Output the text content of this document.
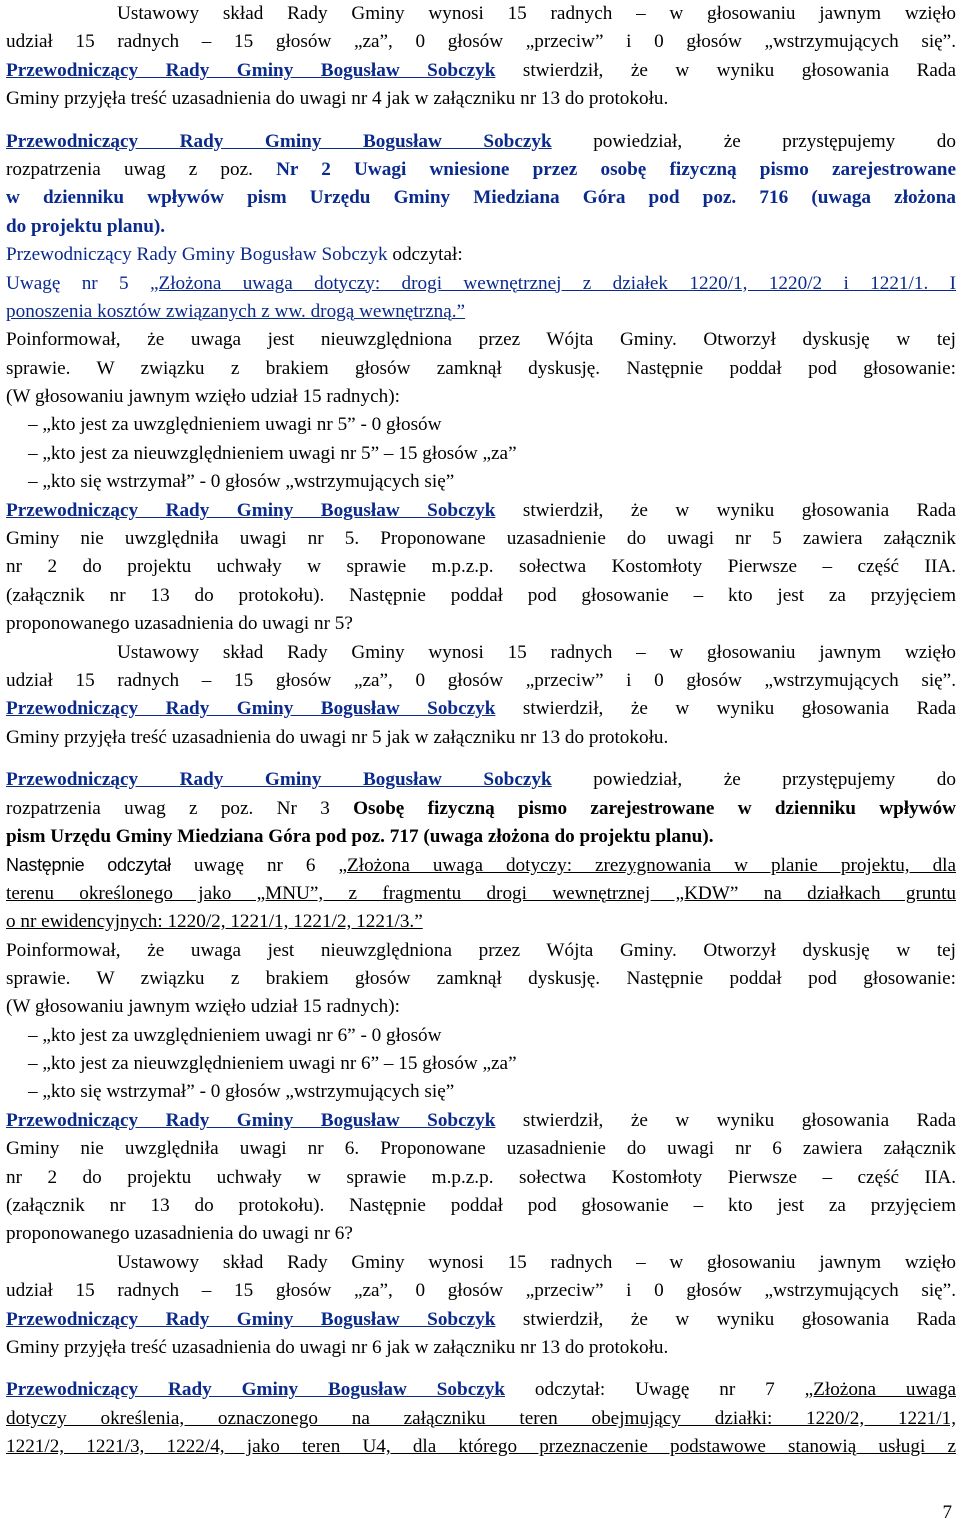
Ustawowy skład Rady Gminy wynosi 15 radnych – w głosowaniu jawnym wzięło
udział 15 radnych – 15 głosów „za”, 0 głosów „przeciw” i 0 głosów „wstrzymujących się”.
Przewodniczący Rady Gminy Bogusław Sobczyk stwierdził, że w wyniku głosowania Rada
Gminy przyjęła treść uzasadnienia do uwagi nr 4 jak w załączniku nr 13 do protokołu.
Przewodniczący Rady Gminy Bogusław Sobczyk powiedział, że przystępujemy do
rozpatrzenia uwag z poz. Nr 2 Uwagi wniesione przez osobę fizyczną pismo zarejestrowane
w dzienniku wpływów pism Urzędu Gminy Miedziana Góra pod poz. 716 (uwaga złożona
do projektu planu).
Przewodniczący Rady Gminy Bogusław Sobczyk odczytał:
Uwagę nr 5 „Złożona uwaga dotyczy: drogi wewnętrznej z działek 1220/1, 1220/2 i 1221/1. I
ponoszenia kosztów związanych z ww. drogą wewnętrzną.”
Poinformował, że uwaga jest nieuwzględniona przez Wójta Gminy. Otworzył dyskusję w tej
sprawie. W związku z brakiem głosów zamknął dyskusję. Następnie poddał pod głosowanie:
(W głosowaniu jawnym wzięło udział 15 radnych):
– „kto jest za uwzględnieniem uwagi nr 5” - 0 głosów
– „kto jest za nieuwzględnieniem uwagi nr 5” – 15 głosów „za”
– „kto się wstrzymał” - 0 głosów „wstrzymujących się”
Przewodniczący Rady Gminy Bogusław Sobczyk stwierdził, że w wyniku głosowania Rada
Gminy nie uwzględniła uwagi nr 5. Proponowane uzasadnienie do uwagi nr 5 zawiera załącznik
nr 2 do projektu uchwały w sprawie m.p.z.p. sołectwa Kostomłoty Pierwsze – część IIA.
(załącznik nr 13 do protokołu). Następnie poddał pod głosowanie – kto jest za przyjęciem
proponowanego uzasadnienia do uwagi nr 5?
Ustawowy skład Rady Gminy wynosi 15 radnych – w głosowaniu jawnym wzięło
udział 15 radnych – 15 głosów „za”, 0 głosów „przeciw” i 0 głosów „wstrzymujących się”.
Przewodniczący Rady Gminy Bogusław Sobczyk stwierdził, że w wyniku głosowania Rada
Gminy przyjęła treść uzasadnienia do uwagi nr 5 jak w załączniku nr 13 do protokołu.
Przewodniczący Rady Gminy Bogusław Sobczyk powiedział, że przystępujemy do
rozpatrzenia uwag z poz. Nr 3 Osobę fizyczną pismo zarejestrowane w dzienniku wpływów
pism Urzędu Gminy Miedziana Góra pod poz. 717 (uwaga złożona do projektu planu).
Następnie odczytał uwagę nr 6 „Złożona uwaga dotyczy: zrezygnowania w planie projektu, dla
terenu określonego jako „MNU”, z fragmentu drogi wewnętrznej „KDW” na działkach gruntu
o nr ewidencyjnych: 1220/2, 1221/1, 1221/2, 1221/3.”
Poinformował, że uwaga jest nieuwzględniona przez Wójta Gminy. Otworzył dyskusję w tej
sprawie. W związku z brakiem głosów zamknął dyskusję. Następnie poddał pod głosowanie:
(W głosowaniu jawnym wzięło udział 15 radnych):
– „kto jest za uwzględnieniem uwagi nr 6” - 0 głosów
– „kto jest za nieuwzględnieniem uwagi nr 6” – 15 głosów „za”
– „kto się wstrzymał” - 0 głosów „wstrzymujących się”
Przewodniczący Rady Gminy Bogusław Sobczyk stwierdził, że w wyniku głosowania Rada
Gminy nie uwzględniła uwagi nr 6. Proponowane uzasadnienie do uwagi nr 6 zawiera załącznik
nr 2 do projektu uchwały w sprawie m.p.z.p. sołectwa Kostomłoty Pierwsze – część IIA.
(załącznik nr 13 do protokołu). Następnie poddał pod głosowanie – kto jest za przyjęciem
proponowanego uzasadnienia do uwagi nr 6?
Ustawowy skład Rady Gminy wynosi 15 radnych – w głosowaniu jawnym wzięło
udział 15 radnych – 15 głosów „za”, 0 głosów „przeciw” i 0 głosów „wstrzymujących się”.
Przewodniczący Rady Gminy Bogusław Sobczyk stwierdził, że w wyniku głosowania Rada
Gminy przyjęła treść uzasadnienia do uwagi nr 6 jak w załączniku nr 13 do protokołu.
Przewodniczący Rady Gminy Bogusław Sobczyk odczytał: Uwagę nr 7 „Złożona uwaga
dotyczy określenia, oznaczonego na załączniku teren obejmujący działki: 1220/2, 1221/1,
1221/2, 1221/3, 1222/4, jako teren U4, dla którego przeznaczenie podstawowe stanowią usługi z
7
